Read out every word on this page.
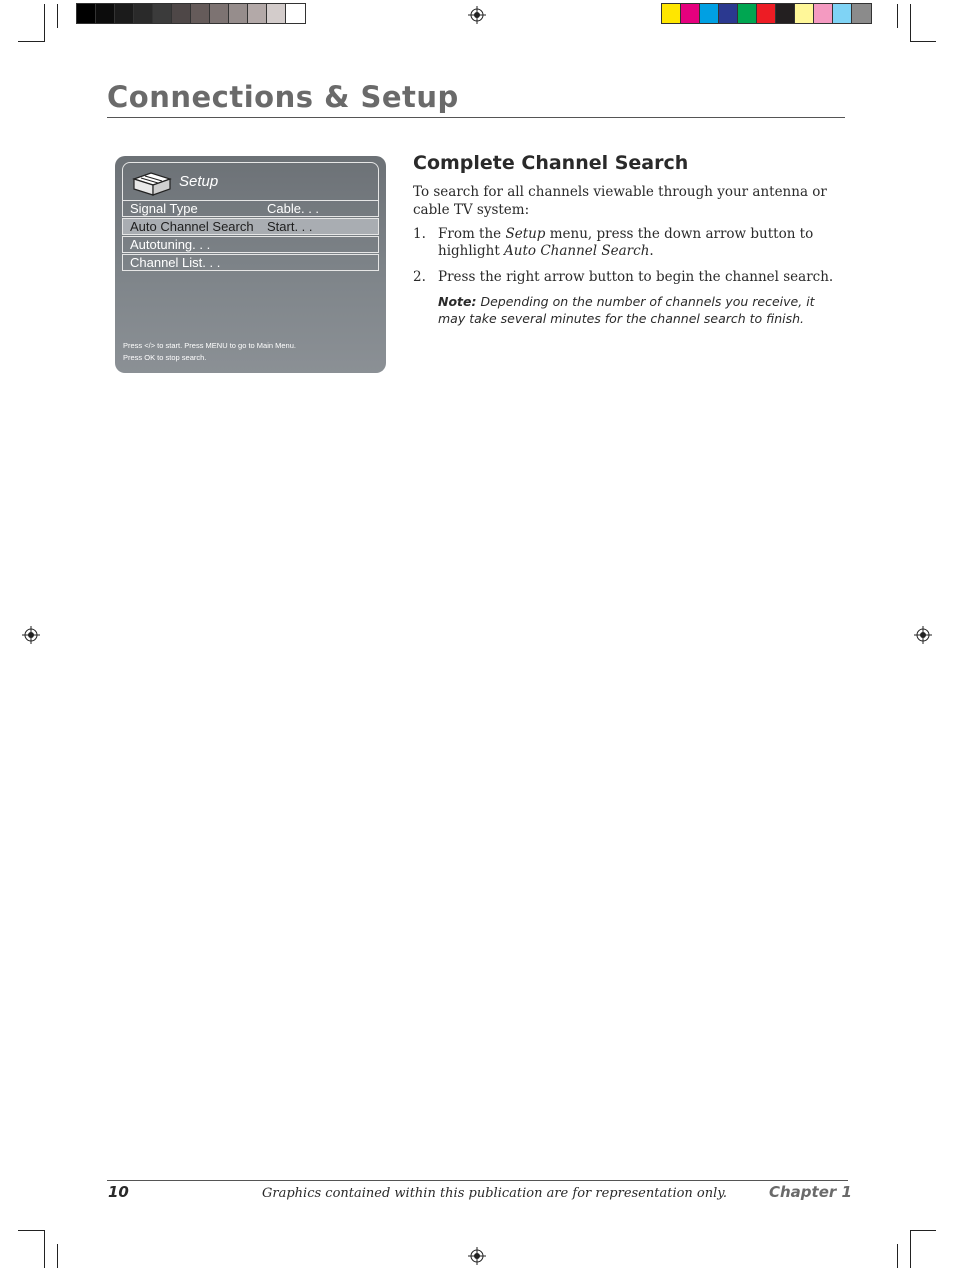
Connections & Setup
Setup
Signal Type	Cable. . .
Auto Channel Search Start. . .
Autotuning. . .
Channel List. . .
Press </> to start. Press MENU to go to Main Menu.
Press OK to stop search.
Complete Channel Search

To search for all channels viewable through your antenna or cable TV system:

1. From the Setup menu, press the down arrow button to highlight Auto Channel Search.
2. Press the right arrow button to begin the channel search.
Note: Depending on the number of channels you receive, it may take several minutes for the channel search to finish.
10	Graphics contained within this publication are for representation only.	Chapter 1
